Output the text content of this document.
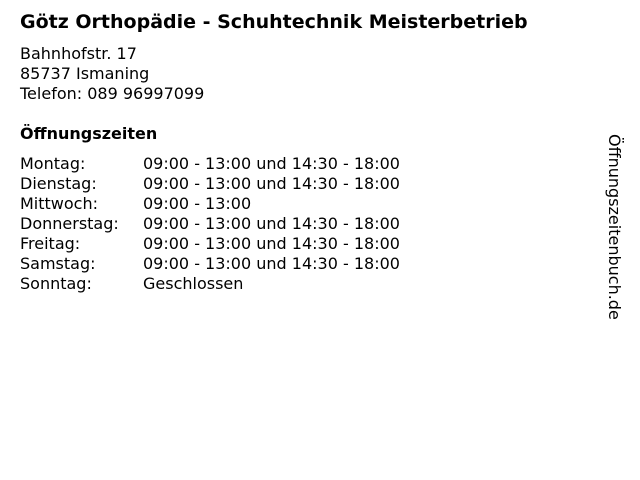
Götz Orthopädie - Schuhtechnik Meisterbetrieb
Bahnhofstr. 17
85737 Ismaning
Telefon: 089 96997099
Öffnungszeiten
Montag:	09:00 - 13:00 und 14:30 - 18:00
Dienstag:	09:00 - 13:00 und 14:30 - 18:00
Mittwoch:	09:00 - 13:00
Donnerstag:	09:00 - 13:00 und 14:30 - 18:00
Freitag:	09:00 - 13:00 und 14:30 - 18:00
Samstag:	09:00 - 13:00 und 14:30 - 18:00
Sonntag:	Geschlossen	Öffnungszeitenbuch.de
